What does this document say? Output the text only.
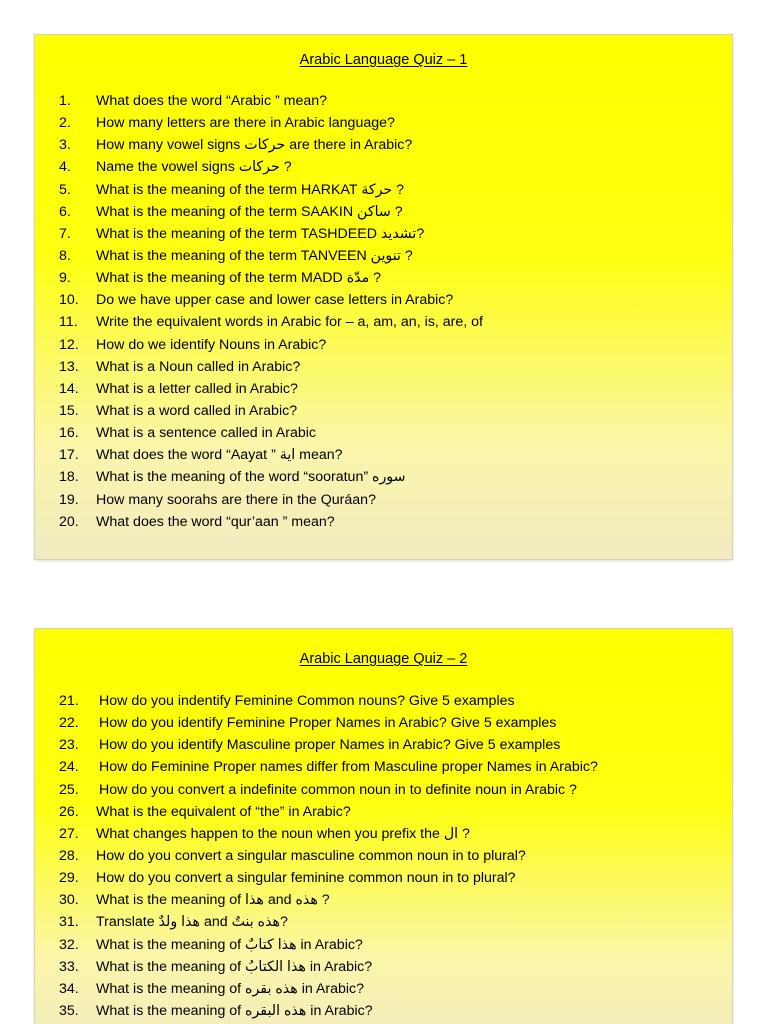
Arabic Language Quiz – 1
1. What does the word “Arabic ” mean?
2. How many letters are there in Arabic language?
3. How many vowel signs حركات are there in Arabic?
4. Name the vowel signs حركات ?
5. What is the meaning of the term HARKAT حركة ?
6. What is the meaning of the term SAAKIN ساكن ?
7. What is the meaning of the term TASHDEED تشديد?
8. What is the meaning of the term TANVEEN تنوين ?
9. What is the meaning of the term MADD مدّة ?
10. Do we have upper case and lower case letters in Arabic?
11. Write the equivalent words in Arabic for – a, am, an, is, are, of
12. How do we identify Nouns in Arabic?
13. What is a Noun called in Arabic?
14. What is a letter called in Arabic?
15. What is a word called in Arabic?
16. What is a sentence called in Arabic
17. What does the word “Aayat ” اية mean?
18. What is the meaning of the word “sooratun” سوره
19. How many soorahs are there in the Quráan?
20. What does the word “qur’aan ” mean?
Arabic Language Quiz – 2
21. How do you indentify Feminine Common nouns? Give 5 examples
22. How do you identify Feminine Proper Names in Arabic? Give 5 examples
23. How do you identify Masculine proper Names in Arabic? Give 5 examples
24. How do Feminine Proper names differ from Masculine proper Names in Arabic?
25. How do you convert a indefinite common noun in to definite noun in Arabic ?
26. What is the equivalent of “the” in Arabic?
27. What changes happen to the noun when you prefix the ال ?
28. How do you convert a singular masculine common noun in to plural?
29. How do you convert a singular feminine common noun in to plural?
30. What is the meaning of هذا and هذه ?
31. Translate هذا ولدٌ and هذه بنتٌ?
32. What is the meaning of هذا كتابٌ in Arabic?
33. What is the meaning of هذا الكتابُ in Arabic?
34. What is the meaning of هذه بقره in Arabic?
35. What is the meaning of هذه البقره in Arabic?
